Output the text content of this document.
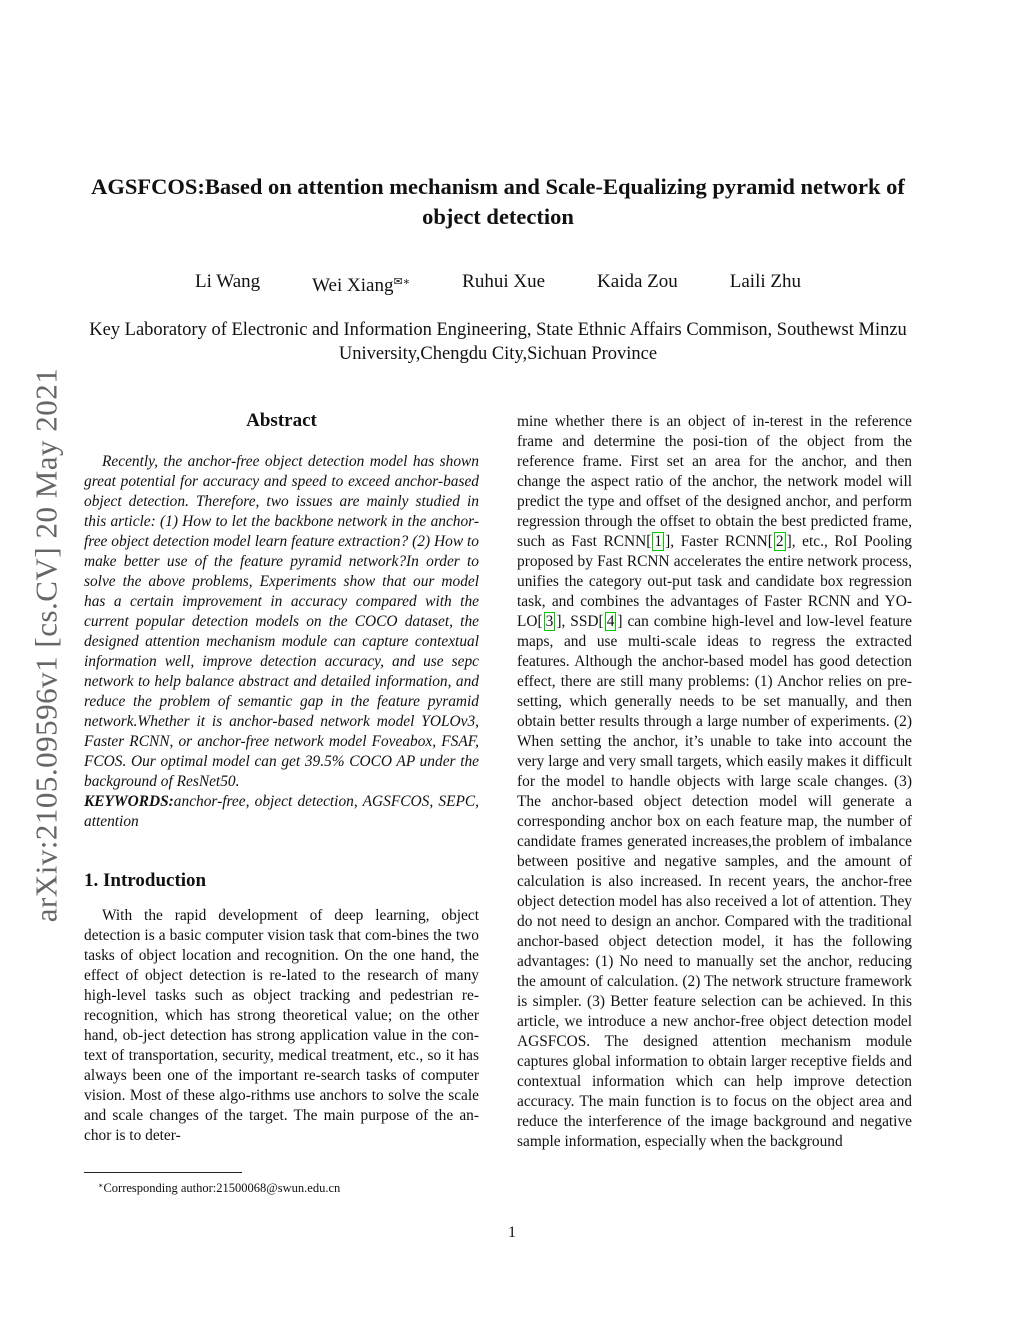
arXiv:2105.09596v1 [cs.CV] 20 May 2021
AGSFCOS:Based on attention mechanism and Scale-Equalizing pyramid network of object detection
Li Wang	Wei Xiang✉∗	Ruhui Xue	Kaida Zou	Laili Zhu
Key Laboratory of Electronic and Information Engineering, State Ethnic Affairs Commison, Southewst Minzu University,Chengdu City,Sichuan Province
Abstract

Recently, the anchor-free object detection model has shown great potential for accuracy and speed to exceed anchor-based object detection. Therefore, two issues are mainly studied in this article: (1) How to let the backbone network in the anchor-free object detection model learn feature extraction? (2) How to make better use of the feature pyramid network?In order to solve the above problems, Experiments show that our model has a certain improvement in accuracy compared with the current popular detection models on the COCO dataset, the designed attention mechanism module can capture contextual information well, improve detection accuracy, and use sepc network to help balance abstract and detailed information, and reduce the problem of semantic gap in the feature pyramid network.Whether it is anchor-based network model YOLOv3, Faster RCNN, or anchor-free network model Foveabox, FSAF, FCOS. Our optimal model can get 39.5% COCO AP under the background of ResNet50.

KEYWORDS:anchor-free, object detection, AGSFCOS, SEPC, attention

1. Introduction

With the rapid development of deep learning, object detection is a basic computer vision task that com-bines the two tasks of object location and recognition. On the one hand, the effect of object detection is re-lated to the research of many high-level tasks such as object tracking and pedestrian re-recognition, which has strong theoretical value; on the other hand, ob-ject detection has strong application value in the con-text of transportation, security, medical treatment, etc., so it has always been one of the important re-search tasks of computer vision. Most of these algo-rithms use anchors to solve the scale and scale changes of the target. The main purpose of the an-chor is to deter-

mine whether there is an object of in-terest in the reference frame and determine the posi-tion of the object from the reference frame. First set an area for the anchor, and then change the aspect ratio of the anchor, the network model will predict the type and offset of the designed anchor, and perform regression through the offset to obtain the best predicted frame, such as Fast RCNN[ 1 ], Faster RCNN[ 2 ], etc., RoI Pooling proposed by Fast RCNN accelerates the entire network process, unifies the category out-put task and candidate box regression task, and combines the advantages of Faster RCNN and YO-LO[ 3 ], SSD[ 4 ] can combine high-level and low-level feature maps, and use multi-scale ideas to regress the extracted features. Although the anchor-based model has good detection effect, there are still many problems: (1) Anchor relies on pre-setting, which generally needs to be set manually, and then obtain better results through a large number of experiments. (2) When setting the anchor, it’s unable to take into account the very large and very small targets, which easily makes it difficult for the model to handle objects with large scale changes. (3) The anchor-based object detection model will generate a corresponding anchor box on each feature map, the number of candidate frames generated increases,the problem of imbalance between positive and negative samples, and the amount of calculation is also increased. In recent years, the anchor-free object detection model has also received a lot of attention. They do not need to design an anchor. Compared with the traditional anchor-based object detection model, it has the following advantages: (1) No need to manually set the anchor, reducing the amount of calculation. (2) The network structure framework is simpler. (3) Better feature selection can be achieved. In this article, we introduce a new anchor-free object detection model AGSFCOS. The designed attention mechanism module captures global information to obtain larger receptive fields and contextual information which can help improve detection accuracy. The main function is to focus on the object area and reduce the interference of the image background and negative sample information, especially when the background

∗Corresponding author:21500068@swun.edu.cn
1
